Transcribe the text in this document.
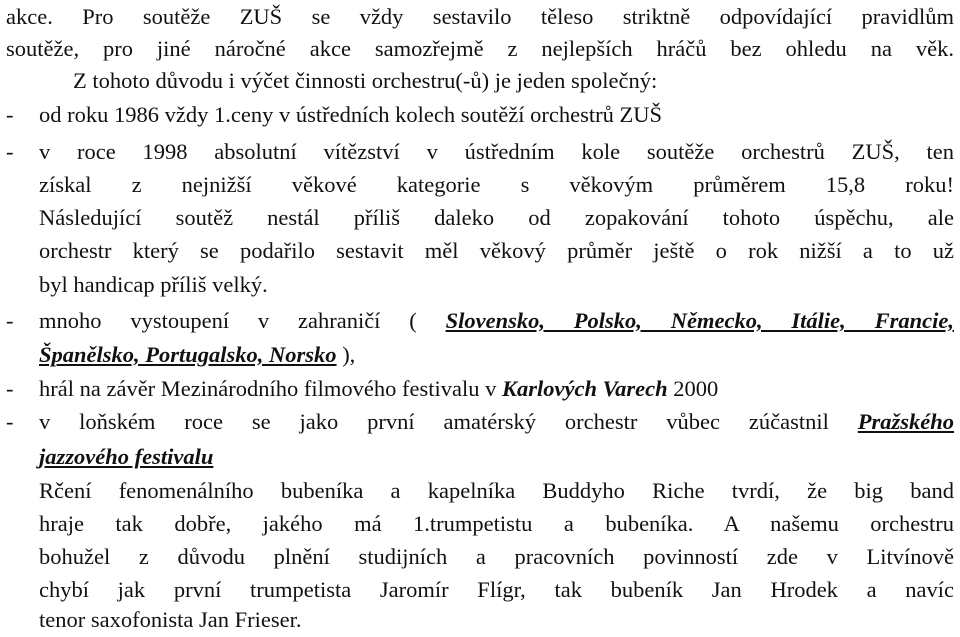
akce. Pro soutěže ZUŠ se vždy sestavilo těleso striktně odpovídající pravidlům
soutěže, pro jiné náročné akce samozřejmě z nejlepších hráčů bez ohledu na věk.
Z tohoto důvodu i výčet činnosti orchestru(-ů) je jeden společný:
- od roku 1986 vždy 1.ceny v ústředních kolech soutěží orchestrů ZUŠ
- v roce 1998 absolutní vítězství v ústředním kole soutěže orchestrů ZUŠ, ten
získal z nejnižší věkové kategorie s věkovým průměrem 15,8 roku!
Následující soutěž nestál příliš daleko od zopakování tohoto úspěchu, ale
orchestr který se podařilo sestavit měl věkový průměr ještě o rok nižší a to už
byl handicap příliš velký.
- mnoho vystoupení v zahraničí ( Slovensko, Polsko, Německo, Itálie, Francie,
Španělsko, Portugalsko, Norsko ),
- hrál na závěr Mezinárodního filmového festivalu v Karlových Varech 2000
- v loňském roce se jako první amatérský orchestr vůbec zúčastnil Pražského
jazzového festivalu
Rčení fenomenálního bubeníka a kapelníka Buddyho Riche tvrdí, že big band
hraje tak dobře, jakého má 1.trumpetistu a bubeníka. A našemu orchestru
bohužel z důvodu plnění studijních a pracovních povinností zde v Litvínově
chybí jak první trumpetista Jaromír Flígr, tak bubeník Jan Hrodek a navíc
tenor saxofonista Jan Frieser.
